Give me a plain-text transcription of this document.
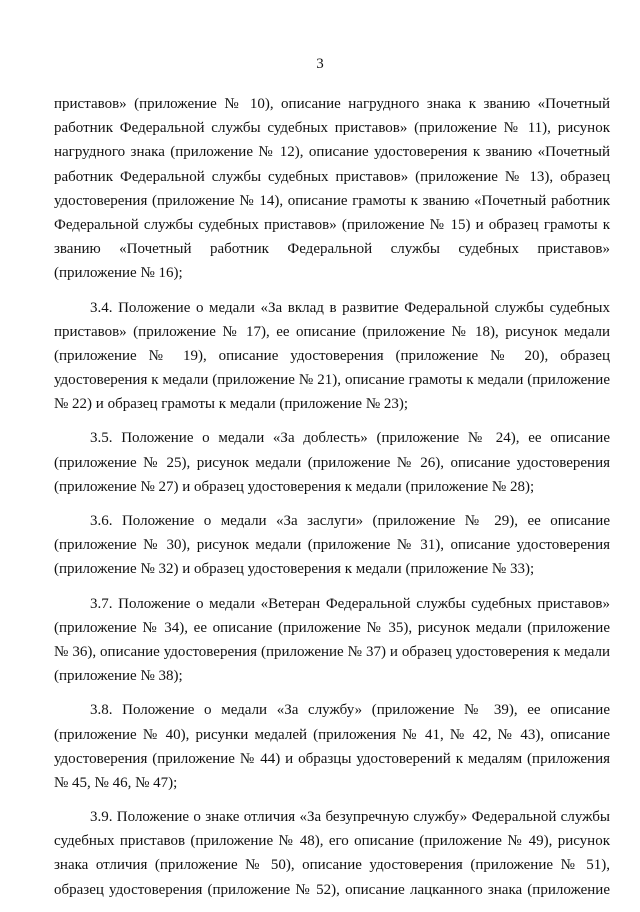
3
приставов» (приложение № 10), описание нагрудного знака к званию «Почетный
работник Федеральной службы судебных приставов» (приложение № 11), рисунок
нагрудного знака (приложение № 12), описание удостоверения к званию «Почетный
работник Федеральной службы судебных приставов» (приложение № 13), образец
удостоверения (приложение № 14), описание грамоты к званию «Почетный работник
Федеральной службы судебных приставов» (приложение № 15) и образец грамоты к
званию «Почетный работник Федеральной службы судебных приставов»
(приложение № 16);
3.4. Положение о медали «За вклад в развитие Федеральной службы судебных
приставов» (приложение № 17), ее описание (приложение № 18), рисунок медали
(приложение № 19), описание удостоверения (приложение № 20), образец
удостоверения к медали (приложение № 21), описание грамоты к медали (приложение
№ 22) и образец грамоты к медали (приложение № 23);
3.5. Положение о медали «За доблесть» (приложение № 24), ее описание
(приложение № 25), рисунок медали (приложение № 26), описание удостоверения
(приложение № 27) и образец удостоверения к медали (приложение № 28);
3.6. Положение о медали «За заслуги» (приложение № 29), ее описание
(приложение № 30), рисунок медали (приложение № 31), описание удостоверения
(приложение № 32) и образец удостоверения к медали (приложение № 33);
3.7. Положение о медали «Ветеран Федеральной службы судебных приставов»
(приложение № 34), ее описание (приложение № 35), рисунок медали (приложение
№ 36), описание удостоверения (приложение № 37) и образец удостоверения к медали
(приложение № 38);
3.8. Положение о медали «За службу» (приложение № 39), ее описание
(приложение № 40), рисунки медалей (приложения № 41, № 42, № 43), описание
удостоверения (приложение № 44) и образцы удостоверений к медалям (приложения
№ 45, № 46, № 47);
3.9. Положение о знаке отличия «За безупречную службу» Федеральной службы
судебных приставов (приложение № 48), его описание (приложение № 49), рисунок
знака отличия (приложение № 50), описание удостоверения (приложение № 51),
образец удостоверения (приложение № 52), описание лацканного знака (приложение
